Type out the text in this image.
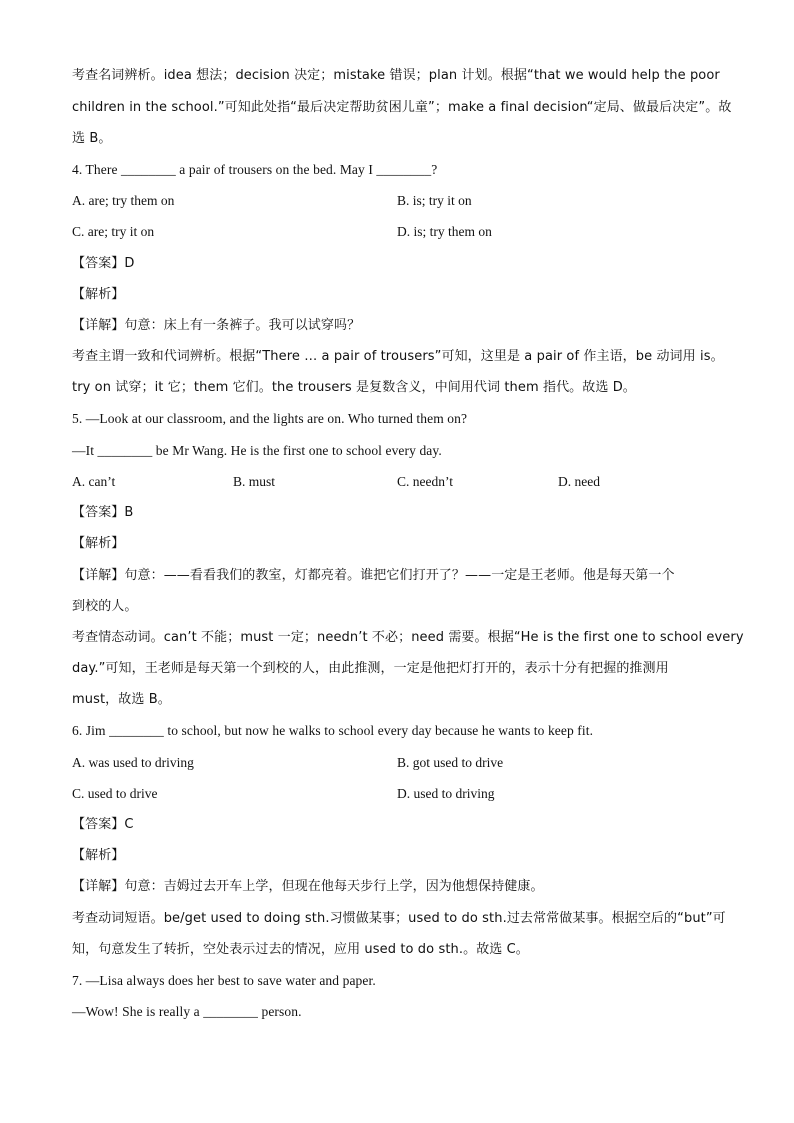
考查名词辨析。idea 想法；decision 决定；mistake 错误；plan 计划。根据“that we would help the poor
children in the school.”可知此处指“最后决定帮助贫困儿童”；make a final decision“定局、做最后决定”。故
选 B。
4. There ________ a pair of trousers on the bed. May I ________?
A. are; try them on	B. is; try it on
C. are; try it on	D. is; try them on
【答案】D
【解析】
【详解】句意：床上有一条裤子。我可以试穿吗？
考查主谓一致和代词辨析。根据“There … a pair of trousers”可知，这里是 a pair of 作主语，be 动词用 is。
try on 试穿；it 它；them 它们。the trousers 是复数含义，中间用代词 them 指代。故选 D。
5. —Look at our classroom, and the lights are on. Who turned them on?
—It ________ be Mr Wang. He is the first one to school every day.
A. can’t	B. must	C. needn’t	D. need
【答案】B
【解析】
【详解】句意：——看看我们的教室，灯都亮着。谁把它们打开了？——一定是王老师。他是每天第一个
到校的人。
考查情态动词。can’t 不能；must 一定；needn’t 不必；need 需要。根据“He is the first one to school every
day.”可知，王老师是每天第一个到校的人，由此推测，一定是他把灯打开的，表示十分有把握的推测用
must，故选 B。
6. Jim ________ to school, but now he walks to school every day because he wants to keep fit.
A. was used to driving	B. got used to drive
C. used to drive	D. used to driving
【答案】C
【解析】
【详解】句意：吉姆过去开车上学，但现在他每天步行上学，因为他想保持健康。
考查动词短语。be/get used to doing sth.习惯做某事；used to do sth.过去常常做某事。根据空后的“but”可
知，句意发生了转折，空处表示过去的情况，应用 used to do sth.。故选 C。
7. —Lisa always does her best to save water and paper.
—Wow! She is really a ________ person.
